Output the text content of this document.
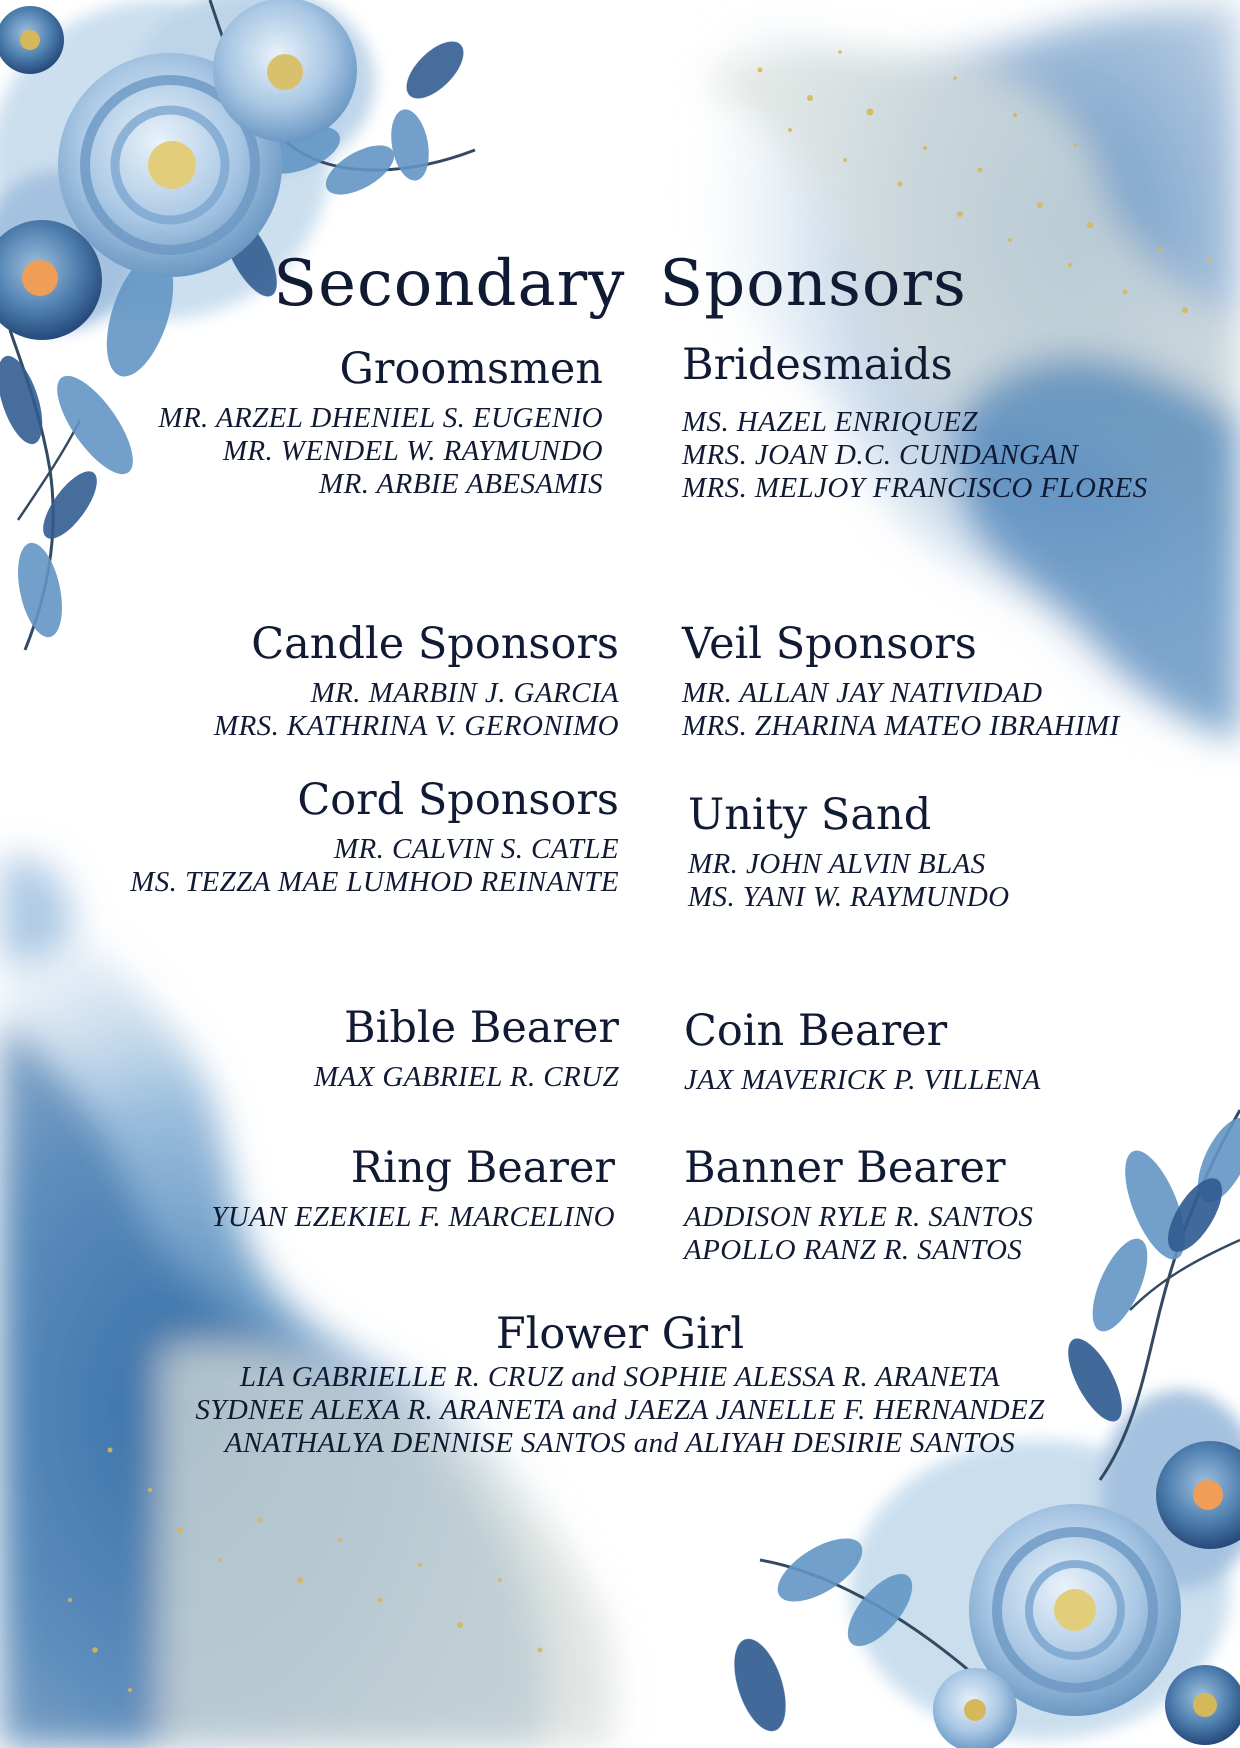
Secondary Sponsors
Groomsmen
MR. ARZEL DHENIEL S. EUGENIO
MR. WENDEL W. RAYMUNDO
MR. ARBIE ABESAMIS
Bridesmaids
MS. HAZEL ENRIQUEZ
MRS. JOAN D.C. CUNDANGAN
MRS. MELJOY FRANCISCO FLORES
Candle Sponsors
MR. MARBIN J. GARCIA
MRS. KATHRINA V. GERONIMO
Veil Sponsors
MR. ALLAN JAY NATIVIDAD
MRS. ZHARINA MATEO IBRAHIMI
Cord Sponsors
MR. CALVIN S. CATLE
MS. TEZZA MAE LUMHOD REINANTE
Unity Sand
MR. JOHN ALVIN BLAS
MS. YANI W. RAYMUNDO
Bible Bearer
MAX GABRIEL R. CRUZ
Coin Bearer
JAX MAVERICK P. VILLENA
Ring Bearer
YUAN EZEKIEL F. MARCELINO
Banner Bearer
ADDISON RYLE R. SANTOS
APOLLO RANZ R. SANTOS
Flower Girl
LIA GABRIELLE R. CRUZ and SOPHIE ALESSA R. ARANETA
SYDNEE ALEXA R. ARANETA and JAEZA JANELLE F. HERNANDEZ
ANATHALYA DENNISE SANTOS and ALIYAH DESIRIE SANTOS
